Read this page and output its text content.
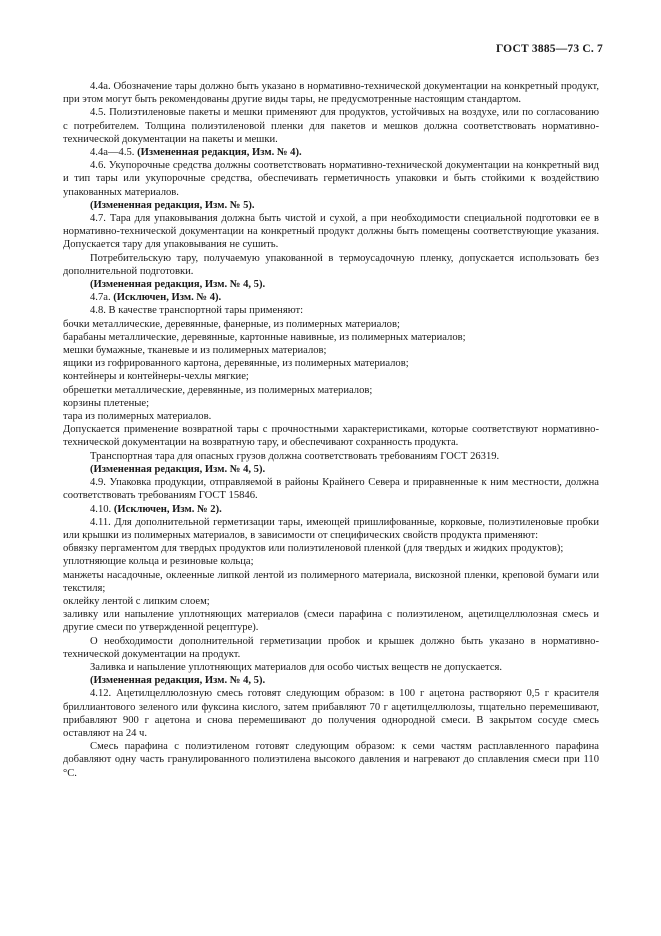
ГОСТ 3885—73 С. 7
4.4а. Обозначение тары должно быть указано в нормативно-технической документации на конкретный продукт, при этом могут быть рекомендованы другие виды тары, не предусмотренные настоящим стандартом.
4.5. Полиэтиленовые пакеты и мешки применяют для продуктов, устойчивых на воздухе, или по согласованию с потребителем. Толщина полиэтиленовой пленки для пакетов и мешков должна соответствовать нормативно-технической документации на пакеты и мешки.
4.4а—4.5. (Измененная редакция, Изм. № 4).
4.6. Укупорочные средства должны соответствовать нормативно-технической документации на конкретный вид и тип тары или укупорочные средства, обеспечивать герметичность упаковки и быть стойкими к воздействию упакованных материалов.
(Измененная редакция, Изм. № 5).
4.7. Тара для упаковывания должна быть чистой и сухой, а при необходимости специальной подготовки ее в нормативно-технической документации на конкретный продукт должны быть помещены соответствующие указания. Допускается тару для упаковывания не сушить.
Потребительскую тару, получаемую упакованной в термоусадочную пленку, допускается использовать без дополнительной подготовки.
(Измененная редакция, Изм. № 4, 5).
4.7а. (Исключен, Изм. № 4).
4.8. В качестве транспортной тары применяют:
бочки металлические, деревянные, фанерные, из полимерных материалов;
барабаны металлические, деревянные, картонные навивные, из полимерных материалов;
мешки бумажные, тканевые и из полимерных материалов;
ящики из гофрированного картона, деревянные, из полимерных материалов;
контейнеры и контейнеры-чехлы мягкие;
обрешетки металлические, деревянные, из полимерных материалов;
корзины плетеные;
тара из полимерных материалов.
Допускается применение возвратной тары с прочностными характеристиками, которые соответствуют нормативно-технической документации на возвратную тару, и обеспечивают сохранность продукта.
Транспортная тара для опасных грузов должна соответствовать требованиям ГОСТ 26319.
(Измененная редакция, Изм. № 4, 5).
4.9. Упаковка продукции, отправляемой в районы Крайнего Севера и приравненные к ним местности, должна соответствовать требованиям ГОСТ 15846.
4.10. (Исключен, Изм. № 2).
4.11. Для дополнительной герметизации тары, имеющей пришлифованные, корковые, полиэтиленовые пробки или крышки из полимерных материалов, в зависимости от специфических свойств продукта применяют:
обвязку пергаментом для твердых продуктов или полиэтиленовой пленкой (для твердых и жидких продуктов);
уплотняющие кольца и резиновые кольца;
манжеты насадочные, оклеенные липкой лентой из полимерного материала, вискозной пленки, креповой бумаги или текстиля;
оклейку лентой с липким слоем;
заливку или напыление уплотняющих материалов (смеси парафина с полиэтиленом, ацетилцеллюлозная смесь и другие смеси по утвержденной рецептуре).
О необходимости дополнительной герметизации пробок и крышек должно быть указано в нормативно-технической документации на продукт.
Заливка и напыление уплотняющих материалов для особо чистых веществ не допускается.
(Измененная редакция, Изм. № 4, 5).
4.12. Ацетилцеллюлозную смесь готовят следующим образом: в 100 г ацетона растворяют 0,5 г красителя бриллиантового зеленого или фуксина кислого, затем прибавляют 70 г ацетилцеллюлозы, тщательно перемешивают, прибавляют 900 г ацетона и снова перемешивают до получения однородной смеси. В закрытом сосуде смесь оставляют на 24 ч.
Смесь парафина с полиэтиленом готовят следующим образом: к семи частям расплавленного парафина добавляют одну часть гранулированного полиэтилена высокого давления и нагревают до сплавления смеси при 110 °С.
